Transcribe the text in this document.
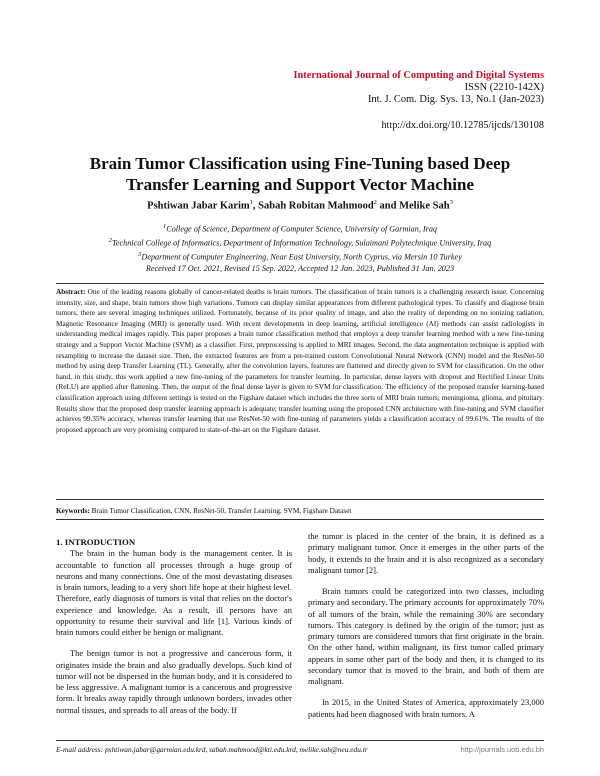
International Journal of Computing and Digital Systems
ISSN (2210-142X)
Int. J. Com. Dig. Sys. 13, No.1 (Jan-2023)
http://dx.doi.org/10.12785/ijcds/130108
Brain Tumor Classification using Fine-Tuning based Deep
Transfer Learning and Support Vector Machine
Pshtiwan Jabar Karim$^1$, Sabah Robitan Mahmood$^2$ and Melike Sah$^3$
$^1$College of Science, Department of Computer Science, University of Garmian, Iraq
$^2$Technical College of Informatics, Department of Information Technology, Sulaimani Polytechnique University, Iraq
$^3$Department of Computer Engineering, Near East University, North Cyprus, via Mersin 10 Turkey
Received 17 Oct. 2021, Revised 15 Sep. 2022, Accepted 12 Jan. 2023, Published 31 Jan. 2023
Abstract: One of the leading reasons globally of cancer-related deaths is brain tumors. The classification of brain tumors is a challenging research issue. Concerning intensity, size, and shape, brain tumors show high variations. Tumors can display similar appearances from different pathological types. To classify and diagnose brain tumors, there are several imaging techniques utilized. Fortunately, because of its prior quality of image, and also the reality of depending on no ionizing radiation, Magnetic Resonance Imaging (MRI) is generally used. With recent developments in deep learning, artificial intelligence (AI) methods can assist radiologists in understanding medical images rapidly. This paper proposes a brain tumor classification method that employs a deep transfer learning method with a new fine-tuning strategy and a Support Vector Machine (SVM) as a classifier. First, preprocessing is applied to MRI images. Second, the data augmentation technique is applied with resampling to increase the dataset size. Then, the extracted features are from a pre-trained custom Convolutional Neural Network (CNN) model and the ResNet-50 method by using deep Transfer Learning (TL). Generally, after the convolution layers, features are flattened and directly given to SVM for classification. On the other hand, in this study, this work applied a new fine-tuning of the parameters for transfer learning. In particular, dense layers with dropout and Rectified Linear Units (ReLU) are applied after flattening. Then, the output of the final dense layer is given to SVM for classification. The efficiency of the proposed transfer learning-based classification approach using different settings is tested on the Figshare dataset which includes the three sorts of MRI brain tumors; meningioma, glioma, and pituitary. Results show that the proposed deep transfer learning approach is adequate; transfer learning using the proposed CNN architecture with fine-tuning and SVM classifier achieves 99.35% accuracy, whereas transfer learning that use ResNet-50 with fine-tuning of parameters yields a classification accuracy of 99.61%. The results of the proposed approach are very promising compared to state-of-the-art on the Figshare dataset.
Keywords: Brain Tumor Classification, CNN, ResNet-50, Transfer Learning, SVM, Figshare Dataset

1. INTRODUCTION

The brain in the human body is the management center. It is accountable to function all processes through a huge group of neurons and many connections. One of the most devastating diseases is brain tumors, leading to a very short life hope at their highest level. Therefore, early diagnosis of tumors is vital that relies on the doctor's experience and knowledge. As a result, ill persons have an opportunity to resume their survival and life [1]. Various kinds of brain tumors could either be benign or malignant.

The benign tumor is not a progressive and cancerous form, it originates inside the brain and also gradually develops. Such kind of tumor will not be dispersed in the human body, and it is considered to be less aggressive. A malignant tumor is a cancerous and progressive form. It breaks away rapidly through unknown borders, invades other normal tissues, and spreads to all areas of the body. If

the tumor is placed in the center of the brain, it is defined as a primary malignant tumor. Once it emerges in the other parts of the body, it extends to the brain and it is also recognized as a secondary malignant tumor [2].

Brain tumors could be categorized into two classes, including primary and secondary. The primary accounts for approximately 70% of all tumors of the brain, while the remaining 30% are secondary tumors. This category is defined by the origin of the tumor; just as primary tumors are considered tumors that first originate in the brain. On the other hand, within malignant, its first tumor called primary appears in some other part of the body and then, it is changed to its secondary tumor that is moved to the brain, and both of them are malignant.

In 2015, in the United States of America, approximately 23,000 patients had been diagnosed with brain tumors. A

http://journals.uob.edu.bh
E-mail address: pshtiwan.jabar@garmian.edu.krd, sabah.mahmood@kti.edu.krd, melike.sah@neu.edu.tr
